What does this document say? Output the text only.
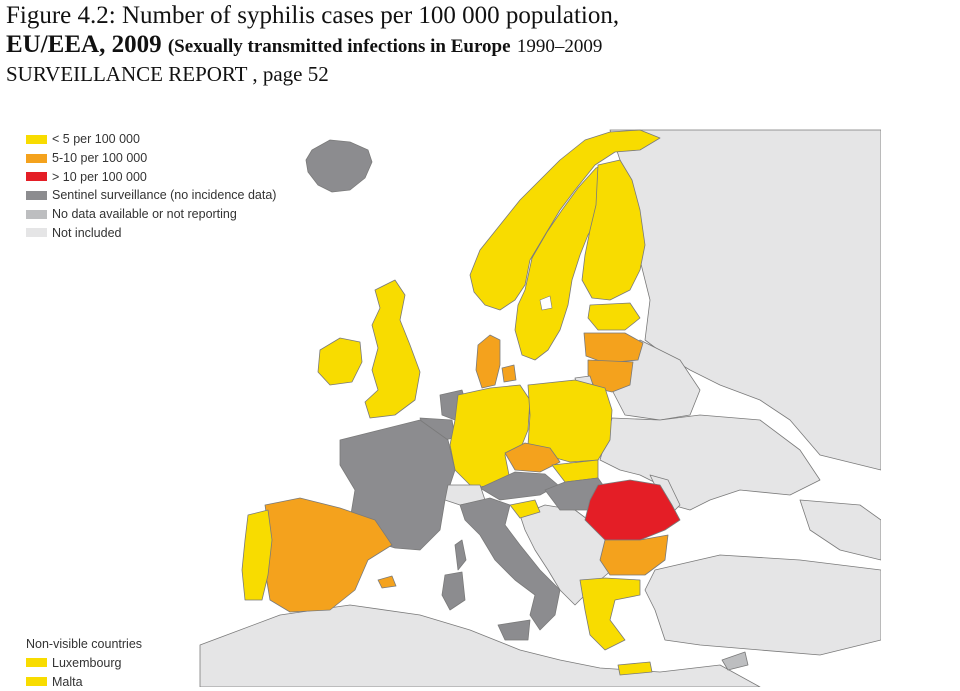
Figure 4.2: Number of syphilis cases per 100 000 population,
EU/EEA, 2009 (Sexually transmitted infections in Europe 1990–2009
SURVEILLANCE REPORT , page 52
< 5 per 100 000
5-10 per 100 000
> 10 per 100 000
Sentinel surveillance (no incidence data)
No data available or not reporting
Not included
Non-visible countries
Luxembourg
Malta
